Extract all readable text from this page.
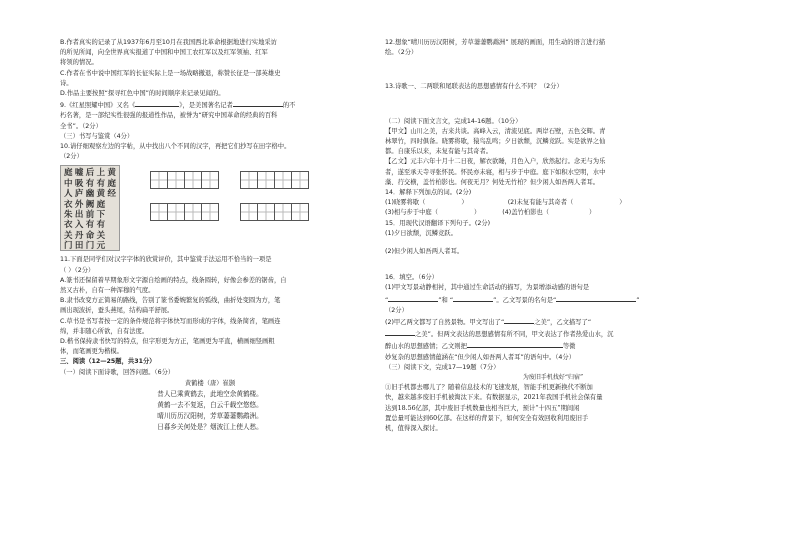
B.作者真实的记录了从1937年6月至10月在我国西北革命根据地进行实地采访

的所见所闻，向全世界真实报道了中国和中国工农红军以及红军领袖、红军

将领的情况。

C.作者在书中说中国红军的长征实际上是一场战略撤退，称赞长征是一部英雄史

诗。

D.作品主要按照“探寻红色中国”的时间顺序来记录见闻的。

9.《红星照耀中国》又名《	》，是美国著名记者	的不

朽名著，是一部纪实性很强的报道性作品，被誉为“研究中国革命的经典的百科

全书”。（2分）

（三）书写与鉴赏（4分）

10.请仔细观察左边的字帖，从中找出八个不同的汉字，再把它们抄写在田字格中。

（2分）

黄
庭
经
上
有
黄
庭
下
有
关
元
后
有
幽
阙
前
有
命
门
嘘
吸
庐
外
出
入
丹
田
庭
中
人
衣
朱
衣
关
门

11.下面是同学们对汉字字体的欣赏评价，其中鉴赏手法运用不恰当的一项是

（ ）（2分）

A.篆书还保留着早期象形文字源自绘画的特点，线条圆转，好像会参差的锯齿，自

然又古朴，自有一种浑穆的气度。

B.隶书改变方正简易的路线，告别了篆书委婉繁复的弧线，曲折处变圆为方，笔

画出现波折，蚕头燕尾，结构扁平舒展。

C.草书是书写者按一定的条件规范将字体快写而形成的字体，线条简省，笔画连

绵，并非随心所欲，自有法度。

D.楷书保持隶书快写的特点，但字形更为方正，笔画更为平直，横画细竖画粗

体，而笔画更为楷模。

三、阅读（12—25题，共31分）

（一）阅读下面诗歌，回答问题。（6分）

黄鹤楼（唐）崔颢

昔人已乘黄鹤去，此地空余黄鹤楼。

黄鹤一去不复返，白云千载空悠悠。

晴川历历汉阳树，芳草萋萋鹦鹉洲。

日暮乡关何处是？烟波江上使人愁。

12.想象“晴川历历汉阳树，芳草萋萋鹦鹉洲” 展现的画面，用生动的语言进行描

绘。（2分）

13.诗歌一、二两联和尾联表达的思想感情有什么不同？（2分）

（二）阅读下面文言文，完成14-16题。（10分）

【甲文】山川之美，古来共谈。高峰入云，清流见底。两岸石壁，五色交辉。青

林翠竹，四时俱备。晓雾将歇，猿鸟乱鸣；夕日欲颓，沉鳞竞跃。实是欲界之仙

都。自康乐以来，未复有能与其奇者。

【乙文】元丰六年十月十二日夜，解衣欲睡，月色入户，欣然起行。念无与为乐

者，遂至承天寺寻张怀民。怀民亦未寝，相与步于中庭。庭下如积水空明，水中

藻、荇交横，盖竹柏影也。何夜无月？何处无竹柏？但少闲人如吾两人者耳。

14．解释下列加点的词。(2分)

(1)晓雾将歇（	）	(2)未复有能与其奇者（	）
(3)相与步于中庭（	）	(4)盖竹柏影也（	）

15．用现代汉语翻译下列句子。(2分)

(1)夕日欲颓，沉鳞竞跃。

(2)但少闲人如吾两人者耳。

16．填空。（6分）

(1)甲文写景动静相衬，其中通过生命活动的描写，为景增添动感的语句是

“	”和 “	”。乙文写景的名句是“	”

（2分）

(2)甲乙两文都写了自然景物。甲文写出了“	之美”，乙文描写了“

之美”。但两文表达的思想感情有所不同，甲文表达了作者热爱山水，沉

醉山水的思想感情；乙文则把	等微

妙复杂的思想感情蕴涵在“但少闲人如吾两人者耳”的语句中。（4分）

（三）阅读下文，完成17—19题（7分）

为废旧手机找好“归宿”

①旧手机都去哪儿了？随着信息技术的飞速发展，智能手机更新换代不断加

快，越来越多废旧手机被淘汰下来。有数据显示，2021年我国手机社会保有量

达到18.56亿部，其中废旧手机数量也相当巨大，预计“十四五”期间闲

置总量可能达到60亿部。在这样的背景下，如何安全有效回收利用废旧手

机，值得深入探讨。
